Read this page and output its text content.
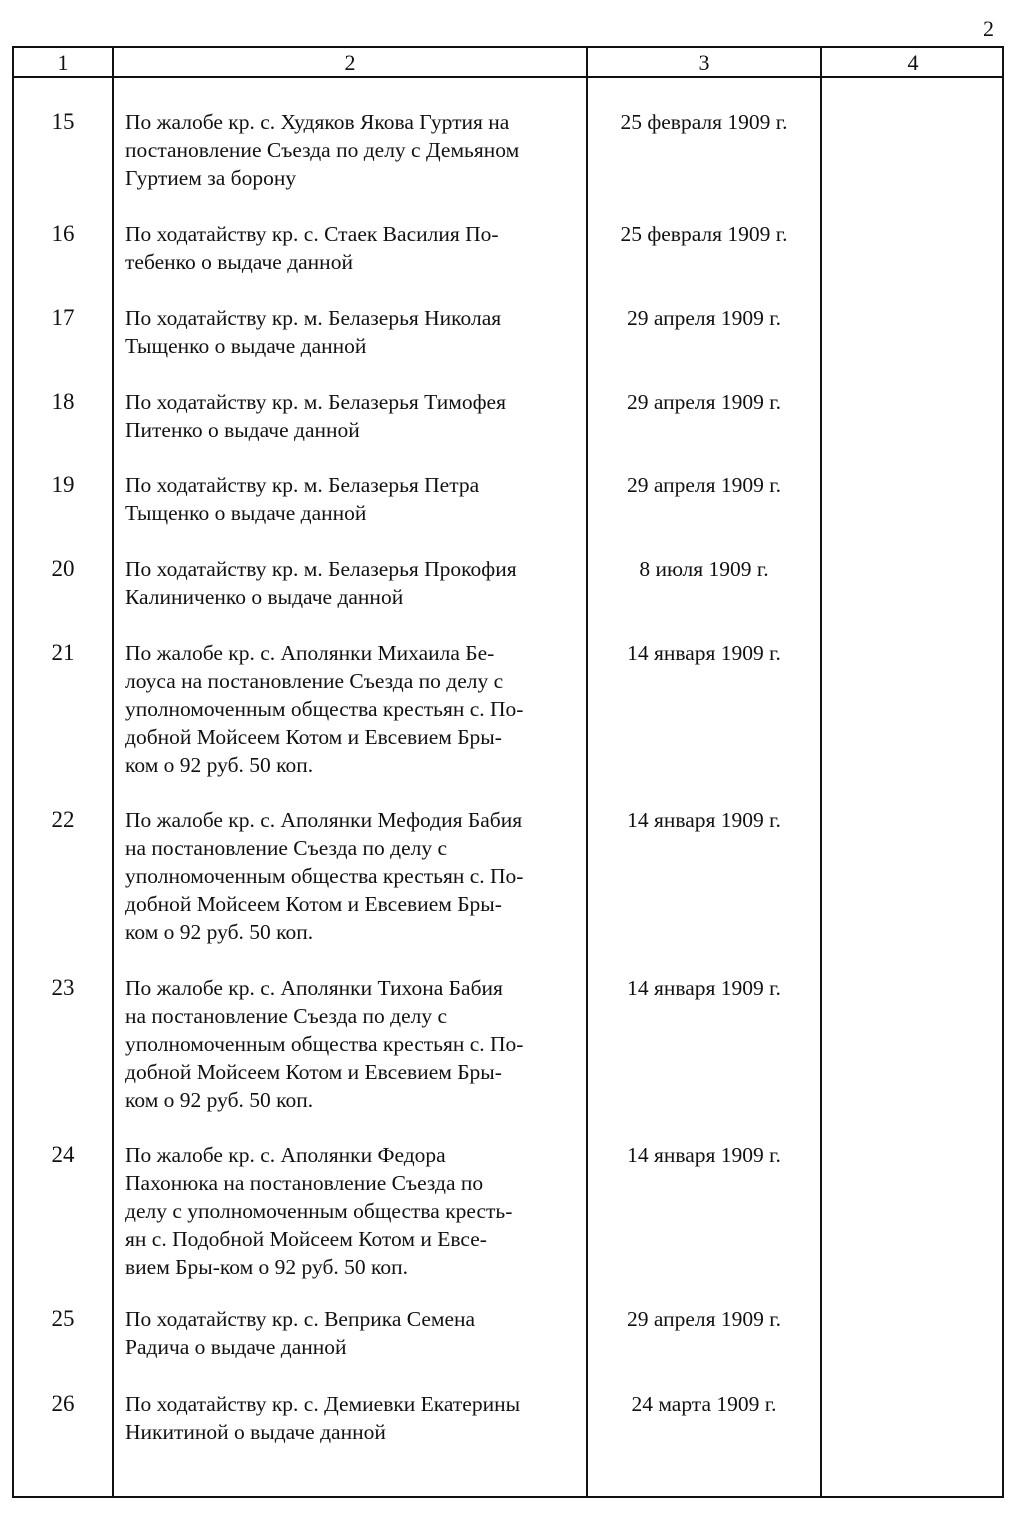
2
1	2	3	4
15	По жалобе кр. с. Худяков Якова Гуртия на
постановление Съезда по делу с Демьяном
Гуртием за борону
25 февраля 1909 г.
16	По ходатайству кр. с. Стаек Василия По-
тебенко о выдаче данной
25 февраля 1909 г.
17	По ходатайству кр. м. Белазерья Николая
Тыщенко о выдаче данной
29 апреля 1909 г.
18	По ходатайству кр. м. Белазерья Тимофея
Питенко о выдаче данной
29 апреля 1909 г.
19	По ходатайству кр. м. Белазерья Петра
Тыщенко о выдаче данной
29 апреля 1909 г.
20	По ходатайству кр. м. Белазерья Прокофия
Калиниченко о выдаче данной
8 июля 1909 г.
21	По жалобе кр. с. Аполянки Михаила Бе-
лоуса на постановление Съезда по делу с
уполномоченным общества крестьян с. По-
добной Мойсеем Котом и Евсевием Бры-
ком о 92 руб. 50 коп.
14 января 1909 г.
22	По жалобе кр. с. Аполянки Мефодия Бабия
на постановление Съезда по делу с
уполномоченным общества крестьян с. По-
добной Мойсеем Котом и Евсевием Бры-
ком о 92 руб. 50 коп.
14 января 1909 г.
23	По жалобе кр. с. Аполянки Тихона Бабия
на постановление Съезда по делу с
уполномоченным общества крестьян с. По-
добной Мойсеем Котом и Евсевием Бры-
ком о 92 руб. 50 коп.
14 января 1909 г.
24	По жалобе кр. с. Аполянки Федора
Пахонюка на постановление Съезда по
делу с уполномоченным общества кресть-
ян с. Подобной Мойсеем Котом и Евсе-
вием Бры-ком о 92 руб. 50 коп.
14 января 1909 г.
25	По ходатайству кр. с. Веприка Семена
Радича о выдаче данной
29 апреля 1909 г.
26	По ходатайству кр. с. Демиевки Екатерины
Никитиной о выдаче данной
24 марта 1909 г.
